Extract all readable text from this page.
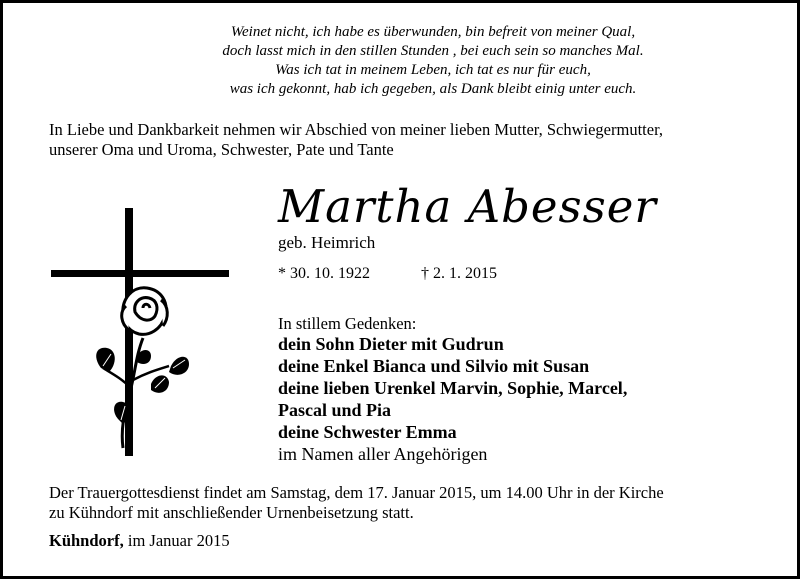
Weinet nicht, ich habe es überwunden, bin befreit von meiner Qual,
doch lasst mich in den stillen Stunden , bei euch sein so manches Mal.
Was ich tat in meinem Leben, ich tat es nur für euch,
was ich gekonnt, hab ich gegeben, als Dank bleibt einig unter euch.
In Liebe und Dankbarkeit nehmen wir Abschied von meiner lieben Mutter, Schwiegermutter,
unserer Oma und Uroma, Schwester, Pate und Tante
Martha Abesser
geb. Heimrich
* 30. 10. 1922	† 2. 1. 2015
In stillem Gedenken:
dein Sohn Dieter mit Gudrun
deine Enkel Bianca und Silvio mit Susan
deine lieben Urenkel Marvin, Sophie, Marcel,
Pascal und Pia
deine Schwester Emma
im Namen aller Angehörigen
Der Trauergottesdienst findet am Samstag, dem 17. Januar 2015, um 14.00 Uhr in der Kirche
zu Kühndorf mit anschließender Urnenbeisetzung statt.
Kühndorf, im Januar 2015
